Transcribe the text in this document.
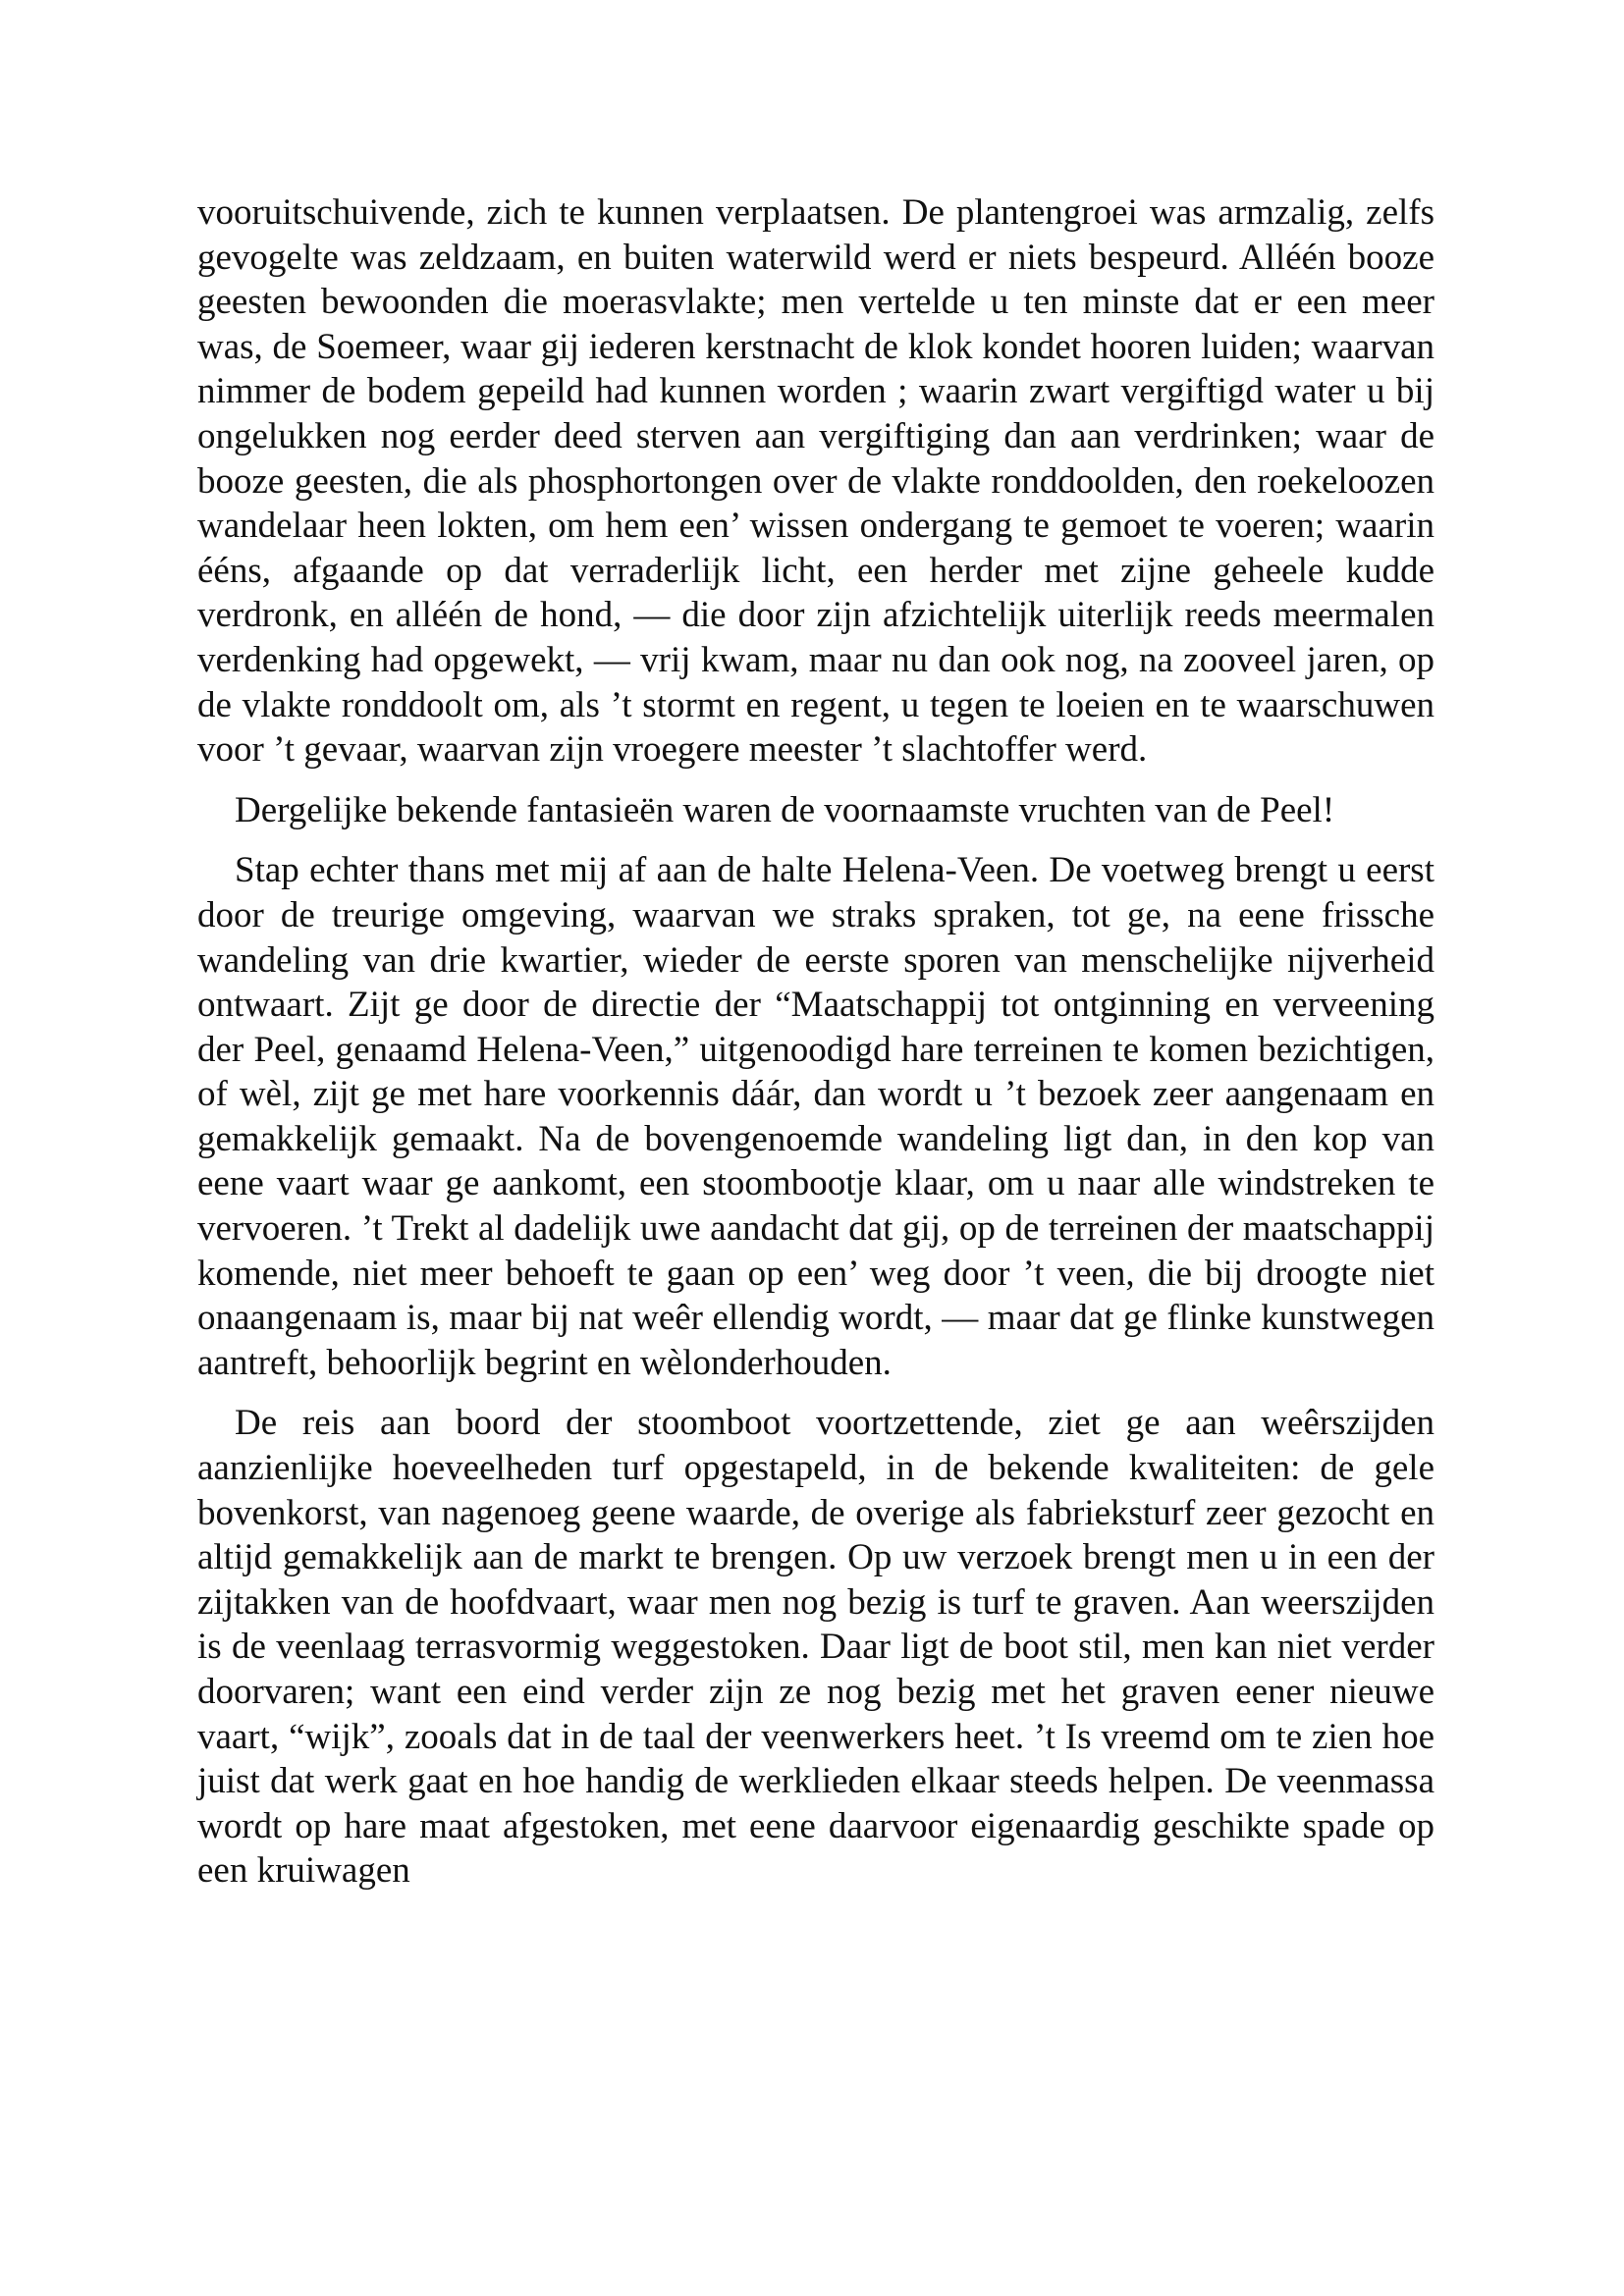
vooruitschuivende, zich te kunnen verplaatsen. De plantengroei was armzalig, zelfs gevogelte was zeldzaam, en buiten waterwild werd er niets bespeurd. Alléén booze geesten bewoonden die moerasvlakte; men vertelde u ten minste dat er een meer was, de Soemeer, waar gij iederen kerstnacht de klok kondet hooren luiden; waarvan nimmer de bodem gepeild had kunnen worden ; waarin zwart vergiftigd water u bij ongelukken nog eerder deed sterven aan vergiftiging dan aan verdrinken; waar de booze geesten, die als phosphortongen over de vlakte ronddoolden, den roekeloozen wandelaar heen lokten, om hem een’ wissen ondergang te gemoet te voeren; waarin ééns, afgaande op dat verraderlijk licht, een herder met zijne geheele kudde verdronk, en alléén de hond, — die door zijn afzichtelijk uiterlijk reeds meermalen verdenking had opgewekt, — vrij kwam, maar nu dan ook nog, na zooveel jaren, op de vlakte ronddoolt om, als ’t stormt en regent, u tegen te loeien en te waarschuwen voor ’t gevaar, waarvan zijn vroegere meester ’t slachtoffer werd.

Dergelijke bekende fantasieën waren de voornaamste vruchten van de Peel!

Stap echter thans met mij af aan de halte Helena-Veen. De voetweg brengt u eerst door de treurige omgeving, waarvan we straks spraken, tot ge, na eene frissche wandeling van drie kwartier, wieder de eerste sporen van menschelijke nijverheid ontwaart. Zijt ge door de directie der “Maatschappij tot ontginning en verveening der Peel, genaamd Helena-Veen,” uitgenoodigd hare terreinen te komen bezichtigen, of wèl, zijt ge met hare voorkennis dáár, dan wordt u ’t bezoek zeer aangenaam en gemakkelijk gemaakt. Na de bovengenoemde wandeling ligt dan, in den kop van eene vaart waar ge aankomt, een stoombootje klaar, om u naar alle windstreken te vervoeren. ’t Trekt al dadelijk uwe aandacht dat gij, op de terreinen der maatschappij komende, niet meer behoeft te gaan op een’ weg door ’t veen, die bij droogte niet onaangenaam is, maar bij nat weêr ellendig wordt, — maar dat ge flinke kunstwegen aantreft, behoorlijk begrint en wèlonderhouden.

De reis aan boord der stoomboot voortzettende, ziet ge aan weêrszijden aanzienlijke hoeveelheden turf opgestapeld, in de bekende kwaliteiten: de gele bovenkorst, van nagenoeg geene waarde, de overige als fabrieksturf zeer gezocht en altijd gemakkelijk aan de markt te brengen. Op uw verzoek brengt men u in een der zijtakken van de hoofdvaart, waar men nog bezig is turf te graven. Aan weerszijden is de veenlaag terrasvormig weggestoken. Daar ligt de boot stil, men kan niet verder doorvaren; want een eind verder zijn ze nog bezig met het graven eener nieuwe vaart, “wijk”, zooals dat in de taal der veenwerkers heet. ’t Is vreemd om te zien hoe juist dat werk gaat en hoe handig de werklieden elkaar steeds helpen. De veenmassa wordt op hare maat afgestoken, met eene daarvoor eigenaardig geschikte spade op een kruiwagen
